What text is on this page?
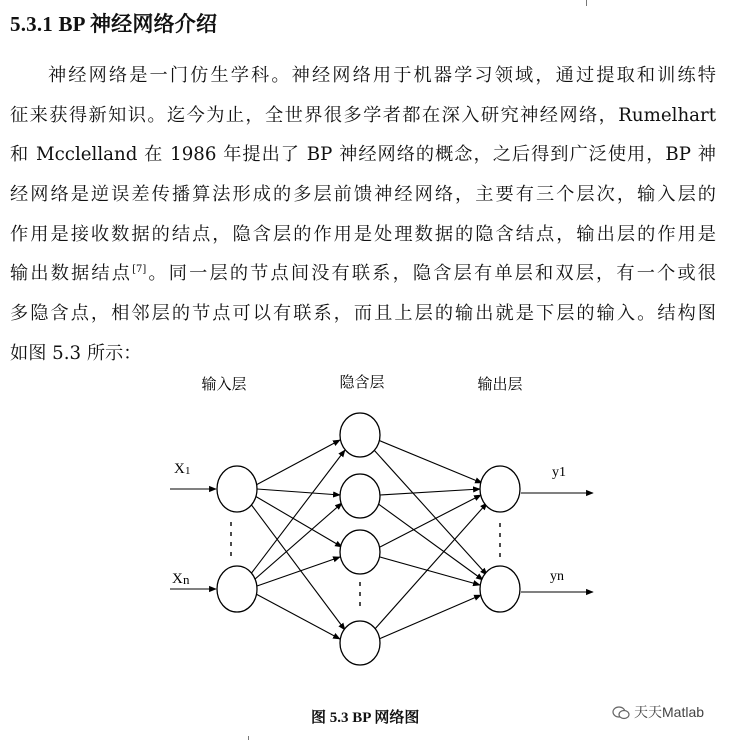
5.3.1 BP 神经网络介绍
神经网络是一门仿生学科。神经网络用于机器学习领域，通过提取和训练特
征来获得新知识。迄今为止，全世界很多学者都在深入研究神经网络，Rumelhart
和 Mcclelland 在 1986 年提出了 BP 神经网络的概念，之后得到广泛使用，BP 神
经网络是逆误差传播算法形成的多层前馈神经网络，主要有三个层次，输入层的
作用是接收数据的结点，隐含层的作用是处理数据的隐含结点，输出层的作用是
输出数据结点[7]。同一层的节点间没有联系，隐含层有单层和双层，有一个或很
多隐含点，相邻层的节点可以有联系，而且上层的输出就是下层的输入。结构图
如图 5.3 所示：
输入层	隐含层	输出层
X 1
X n
y1
yn
图 5.3 BP 网络图	天天Matlab
